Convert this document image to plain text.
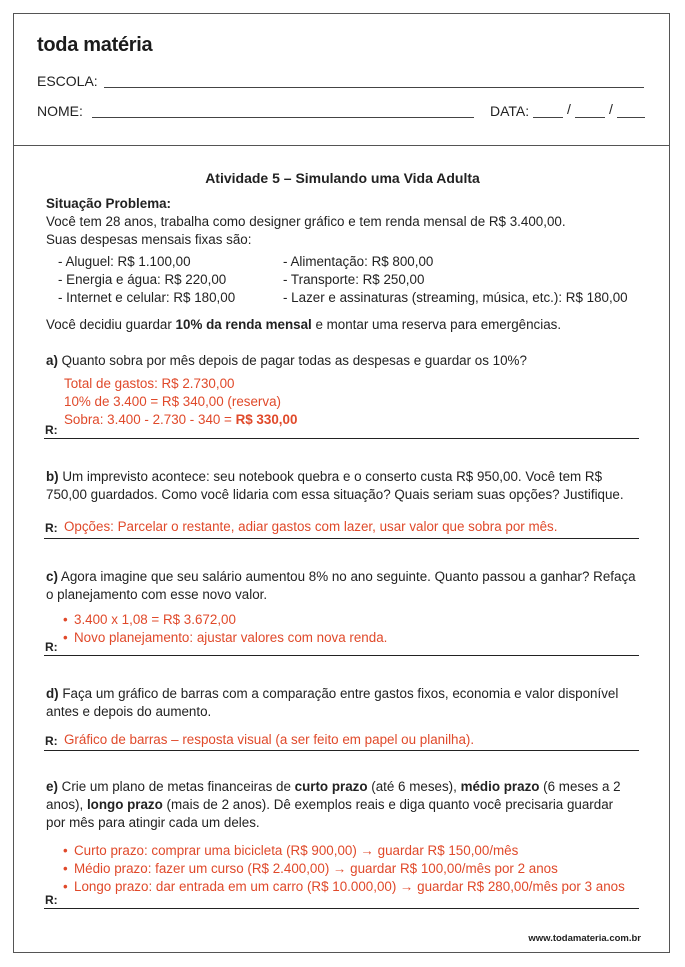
toda matéria
ESCOLA:
NOME:	DATA:	/	/
Atividade 5 – Simulando uma Vida Adulta
Situação Problema:
Você tem 28 anos, trabalha como designer gráfico e tem renda mensal de R$ 3.400,00.
Suas despesas mensais fixas são:
- Aluguel: R$ 1.100,00
- Energia e água: R$ 220,00
- Internet e celular: R$ 180,00
- Alimentação: R$ 800,00
- Transporte: R$ 250,00
- Lazer e assinaturas (streaming, música, etc.): R$ 180,00
Você decidiu guardar 10% da renda mensal e montar uma reserva para emergências.
a) Quanto sobra por mês depois de pagar todas as despesas e guardar os 10%?
Total de gastos: R$ 2.730,00
10% de 3.400 = R$ 340,00 (reserva)
Sobra: 3.400 - 2.730 - 340 = R$ 330,00
R:
b) Um imprevisto acontece: seu notebook quebra e o conserto custa R$ 950,00. Você tem R$ 750,00 guardados. Como você lidaria com essa situação? Quais seriam suas opções? Justifique.
R: Opções: Parcelar o restante, adiar gastos com lazer, usar valor que sobra por mês.
c) Agora imagine que seu salário aumentou 8% no ano seguinte. Quanto passou a ganhar? Refaça o planejamento com esse novo valor.
• 3.400 x 1,08 = R$ 3.672,00
• Novo planejamento: ajustar valores com nova renda.
R:
d) Faça um gráfico de barras com a comparação entre gastos fixos, economia e valor disponível antes e depois do aumento.
R: Gráfico de barras – resposta visual (a ser feito em papel ou planilha).
e) Crie um plano de metas financeiras de curto prazo (até 6 meses), médio prazo (6 meses a 2 anos), longo prazo (mais de 2 anos). Dê exemplos reais e diga quanto você precisaria guardar por mês para atingir cada um deles.
• Curto prazo: comprar uma bicicleta (R$ 900,00) → guardar R$ 150,00/mês
• Médio prazo: fazer um curso (R$ 2.400,00) → guardar R$ 100,00/mês por 2 anos
• Longo prazo: dar entrada em um carro (R$ 10.000,00) → guardar R$ 280,00/mês por 3 anos
R:
www.todamateria.com.br
